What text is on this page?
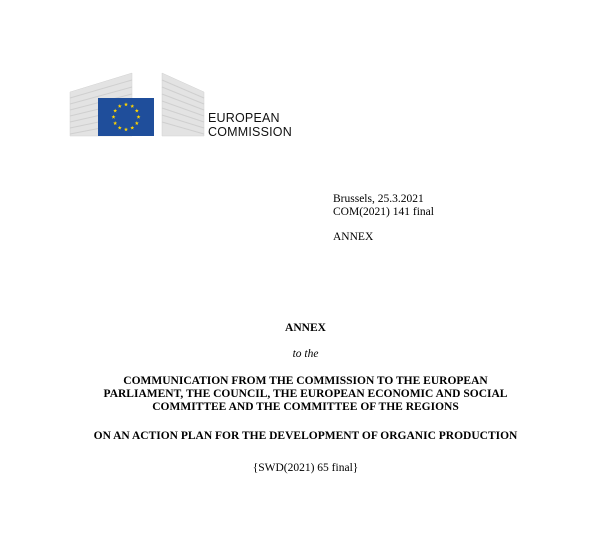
EUROPEAN
COMMISSION
Brussels, 25.3.2021
COM(2021) 141 final
ANNEX
ANNEX
to the
COMMUNICATION FROM THE COMMISSION TO THE EUROPEAN
PARLIAMENT, THE COUNCIL, THE EUROPEAN ECONOMIC AND SOCIAL
COMMITTEE AND THE COMMITTEE OF THE REGIONS
ON AN ACTION PLAN FOR THE DEVELOPMENT OF ORGANIC PRODUCTION
{SWD(2021) 65 final}
